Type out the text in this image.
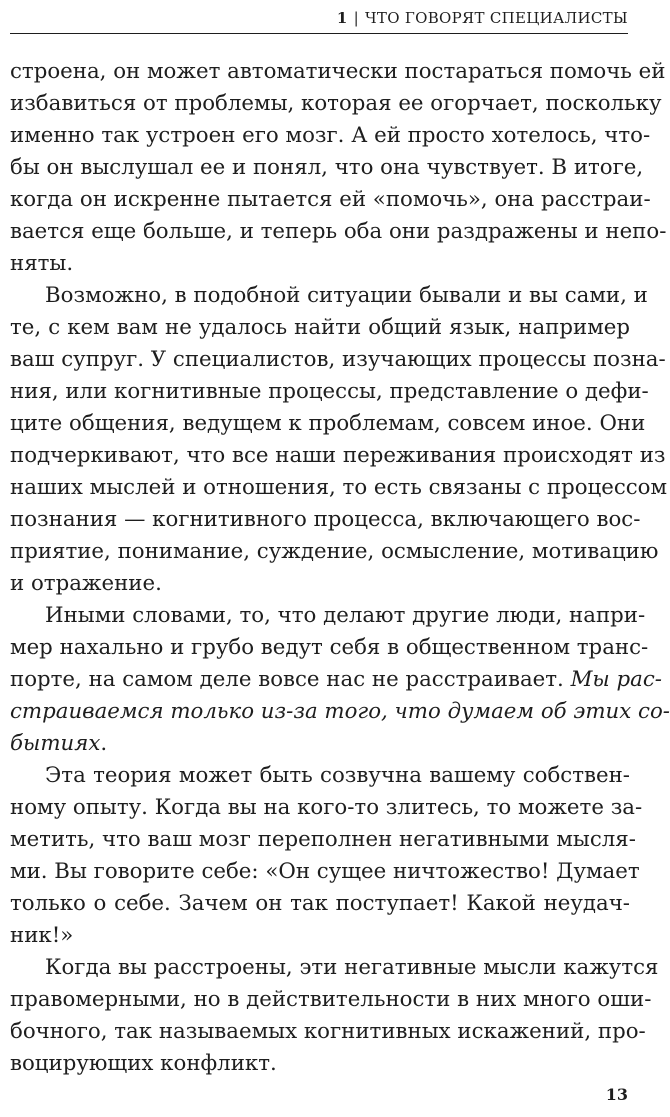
1 | ЧТО ГОВОРЯТ СПЕЦИАЛИСТЫ
строена, он может автоматически постараться помочь ей
избавиться от проблемы, которая ее огорчает, поскольку
именно так устроен его мозг. А ей просто хотелось, что-
бы он выслушал ее и понял, что она чувствует. В итоге,
когда он искренне пытается ей «помочь», она расстраи-
вается еще больше, и теперь оба они раздражены и непо-
няты.
Возможно, в подобной ситуации бывали и вы сами, и
те, с кем вам не удалось найти общий язык, например
ваш супруг. У специалистов, изучающих процессы позна-
ния, или когнитивные процессы, представление о дефи-
ците общения, ведущем к проблемам, совсем иное. Они
подчеркивают, что все наши переживания происходят из
наших мыслей и отношения, то есть связаны с процессом
познания — когнитивного процесса, включающего вос-
приятие, понимание, суждение, осмысление, мотивацию
и отражение.
Иными словами, то, что делают другие люди, напри-
мер нахально и грубо ведут себя в общественном транс-
порте, на самом деле вовсе нас не расстраивает. Мы рас-
страиваемся только из-за того, что думаем об этих со-
бытиях.
Эта теория может быть созвучна вашему собствен-
ному опыту. Когда вы на кого-то злитесь, то можете за-
метить, что ваш мозг переполнен негативными мысля-
ми. Вы говорите себе: «Он сущее ничтожество! Думает
только о себе. Зачем он так поступает! Какой неудач-
ник!»
Когда вы расстроены, эти негативные мысли кажутся
правомерными, но в действительности в них много оши-
бочного, так называемых когнитивных искажений, про-
воцирующих конфликт.
13
